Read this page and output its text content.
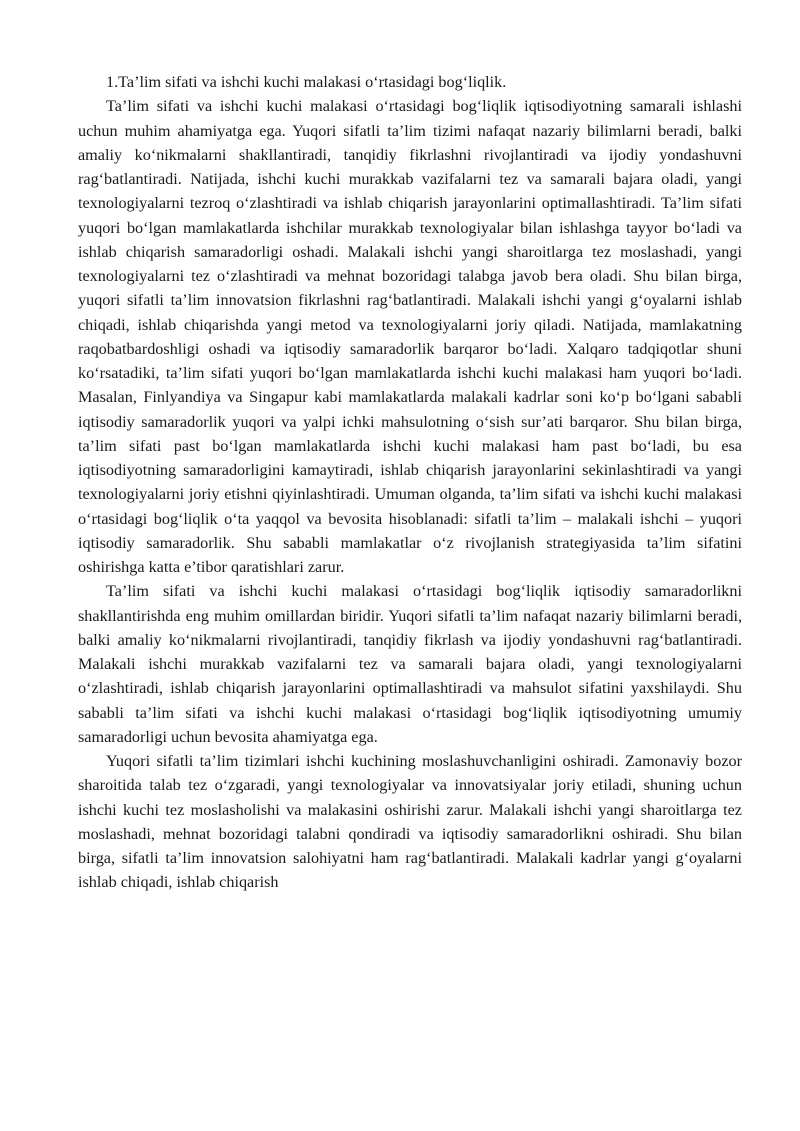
1.Ta’lim sifati va ishchi kuchi malakasi o‘rtasidagi bog‘liqlik.

Ta’lim sifati va ishchi kuchi malakasi o‘rtasidagi bog‘liqlik iqtisodiyotning samarali ishlashi uchun muhim ahamiyatga ega. Yuqori sifatli ta’lim tizimi nafaqat nazariy bilimlarni beradi, balki amaliy ko‘nikmalarni shakllantiradi, tanqidiy fikrlashni rivojlantiradi va ijodiy yondashuvni rag‘batlantiradi. Natijada, ishchi kuchi murakkab vazifalarni tez va samarali bajara oladi, yangi texnologiyalarni tezroq o‘zlashtiradi va ishlab chiqarish jarayonlarini optimallashtiradi. Ta’lim sifati yuqori bo‘lgan mamlakatlarda ishchilar murakkab texnologiyalar bilan ishlashga tayyor bo‘ladi va ishlab chiqarish samaradorligi oshadi. Malakali ishchi yangi sharoitlarga tez moslashadi, yangi texnologiyalarni tez o‘zlashtiradi va mehnat bozoridagi talabga javob bera oladi. Shu bilan birga, yuqori sifatli ta’lim innovatsion fikrlashni rag‘batlantiradi. Malakali ishchi yangi g‘oyalarni ishlab chiqadi, ishlab chiqarishda yangi metod va texnologiyalarni joriy qiladi. Natijada, mamlakatning raqobatbardoshligi oshadi va iqtisodiy samaradorlik barqaror bo‘ladi. Xalqaro tadqiqotlar shuni ko‘rsatadiki, ta’lim sifati yuqori bo‘lgan mamlakatlarda ishchi kuchi malakasi ham yuqori bo‘ladi. Masalan, Finlyandiya va Singapur kabi mamlakatlarda malakali kadrlar soni ko‘p bo‘lgani sababli iqtisodiy samaradorlik yuqori va yalpi ichki mahsulotning o‘sish sur’ati barqaror. Shu bilan birga, ta’lim sifati past bo‘lgan mamlakatlarda ishchi kuchi malakasi ham past bo‘ladi, bu esa iqtisodiyotning samaradorligini kamaytiradi, ishlab chiqarish jarayonlarini sekinlashtiradi va yangi texnologiyalarni joriy etishni qiyinlashtiradi. Umuman olganda, ta’lim sifati va ishchi kuchi malakasi o‘rtasidagi bog‘liqlik o‘ta yaqqol va bevosita hisoblanadi: sifatli ta’lim – malakali ishchi – yuqori iqtisodiy samaradorlik. Shu sababli mamlakatlar o‘z rivojlanish strategiyasida ta’lim sifatini oshirishga katta e’tibor qaratishlari zarur.

Ta’lim sifati va ishchi kuchi malakasi o‘rtasidagi bog‘liqlik iqtisodiy samaradorlikni shakllantirishda eng muhim omillardan biridir. Yuqori sifatli ta’lim nafaqat nazariy bilimlarni beradi, balki amaliy ko‘nikmalarni rivojlantiradi, tanqidiy fikrlash va ijodiy yondashuvni rag‘batlantiradi. Malakali ishchi murakkab vazifalarni tez va samarali bajara oladi, yangi texnologiyalarni o‘zlashtiradi, ishlab chiqarish jarayonlarini optimallashtiradi va mahsulot sifatini yaxshilaydi. Shu sababli ta’lim sifati va ishchi kuchi malakasi o‘rtasidagi bog‘liqlik iqtisodiyotning umumiy samaradorligi uchun bevosita ahamiyatga ega.

Yuqori sifatli ta’lim tizimlari ishchi kuchining moslashuvchanligini oshiradi. Zamonaviy bozor sharoitida talab tez o‘zgaradi, yangi texnologiyalar va innovatsiyalar joriy etiladi, shuning uchun ishchi kuchi tez moslasholishi va malakasini oshirishi zarur. Malakali ishchi yangi sharoitlarga tez moslashadi, mehnat bozoridagi talabni qondiradi va iqtisodiy samaradorlikni oshiradi. Shu bilan birga, sifatli ta’lim innovatsion salohiyatni ham rag‘batlantiradi. Malakali kadrlar yangi g‘oyalarni ishlab chiqadi, ishlab chiqarish
